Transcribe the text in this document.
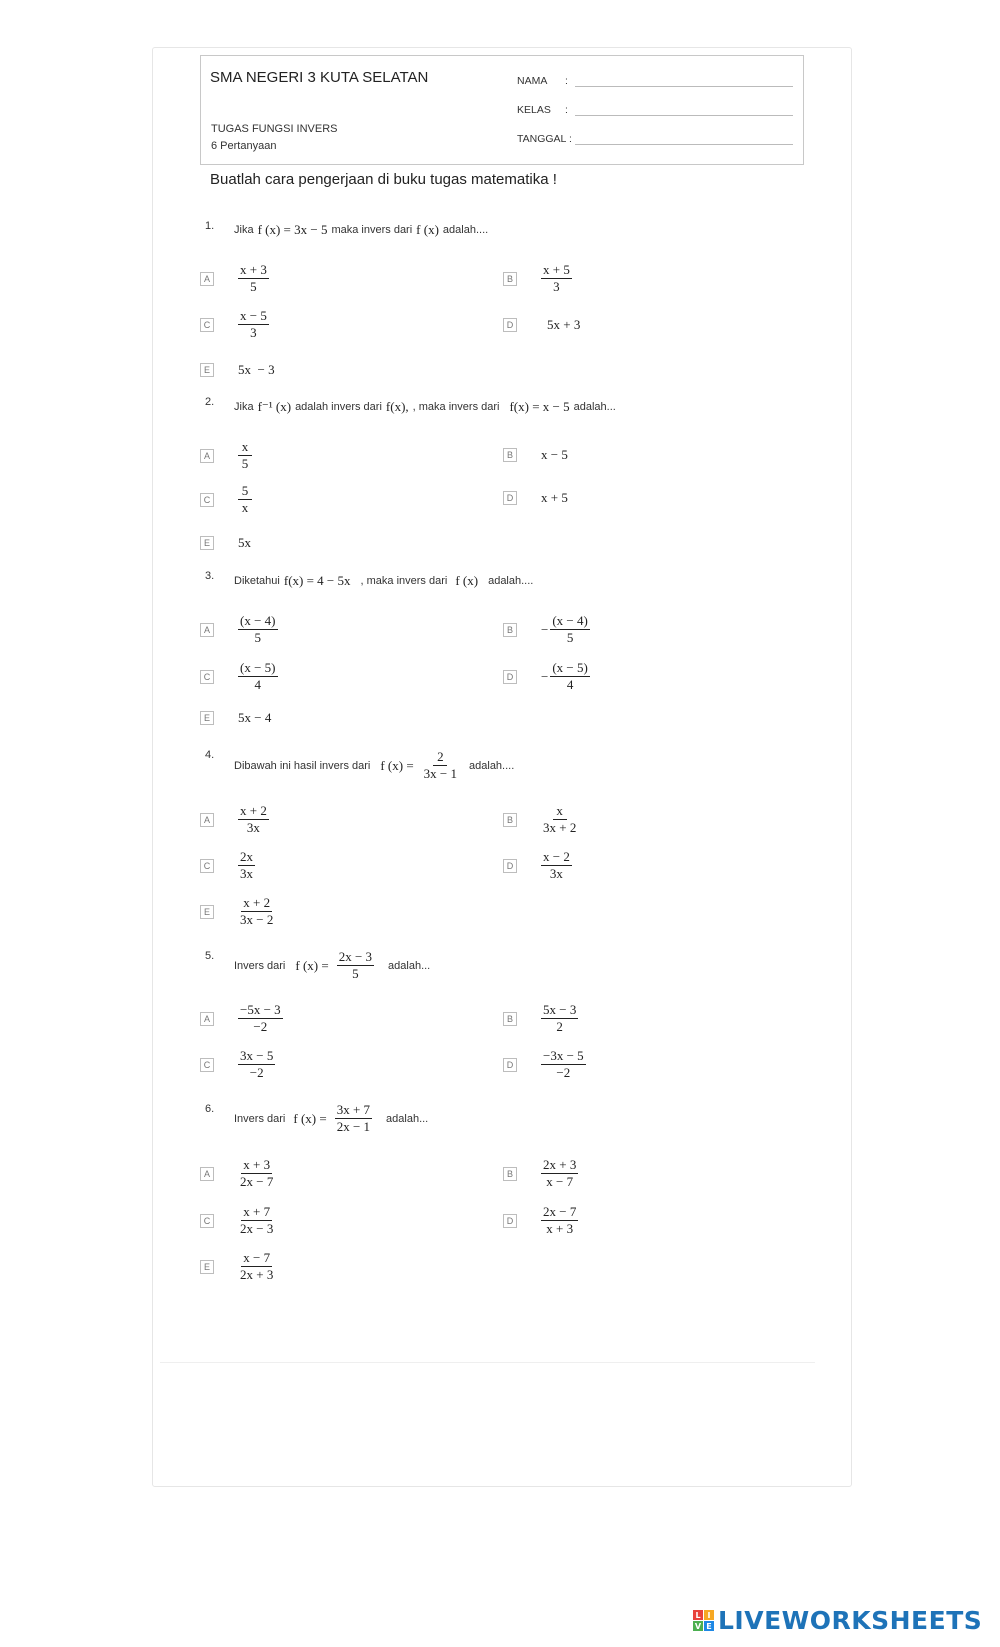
SMA NEGERI 3 KUTA SELATAN
TUGAS FUNGSI INVERS
6 Pertanyaan
NAMA	:
KELAS	:
TANGGAL :
Buatlah cara pengerjaan di buku tugas matematika !
1. Jika f (x) = 3x − 5 maka invers dari f (x) adalah....
A	$\frac{x + 3}{5}$	B	$\frac{x + 5}{3}$
C $\frac{x - 5}{3}$	D	5x + 3
E	5x  − 3
2. Jika f⁻¹ (x) adalah invers dari f(x), , maka invers dari f(x) = x − 5 adalah...
A	$\frac{x}{5}$	B	x − 5
C $\frac{5}{x}$	D x + 5
E	5x
3. Diketahui f(x) = 4 − 5x , maka invers dari f (x) adalah....
A	$\frac{(x - 4)}{5}$	B	− $\frac{(x - 4)}{5}$
C $\frac{(x - 5)}{4}$	$D - \frac{(x - 5)}{4}$
E	5x − 4
4.
Dibawah ini hasil invers dari f $(x) = \frac{2}{3x - 1}$ adalah....
A	$\frac{x + 2}{3x}$	B	$\frac{x}{3x + 2}$
C $\frac{2x}{3x}$	D $\frac{x - 2}{3x}$
E	$\frac{x + 2}{3x - 2}$
5.
Invers dari f $(x) = \frac{2x - 3}{5}$ adalah...
A	$\frac{-5x - 3}{-2}$	B	$\frac{5x - 3}{2}$
C $\frac{3x - 5}{-2}$	D $\frac{-3x - 5}{-2}$
6.
Invers dari f $(x) = \frac{3x + 7}{2x - 1}$ adalah...
A	$\frac{x + 3}{2x - 7}$	B	$\frac{2x + 3}{x - 7}$
C $\frac{x + 7}{2x - 3}$	D $\frac{2x - 7}{x + 3}$
E	$\frac{x - 7}{2x + 3}$
L I
V E LIVEWORKSHEETS
